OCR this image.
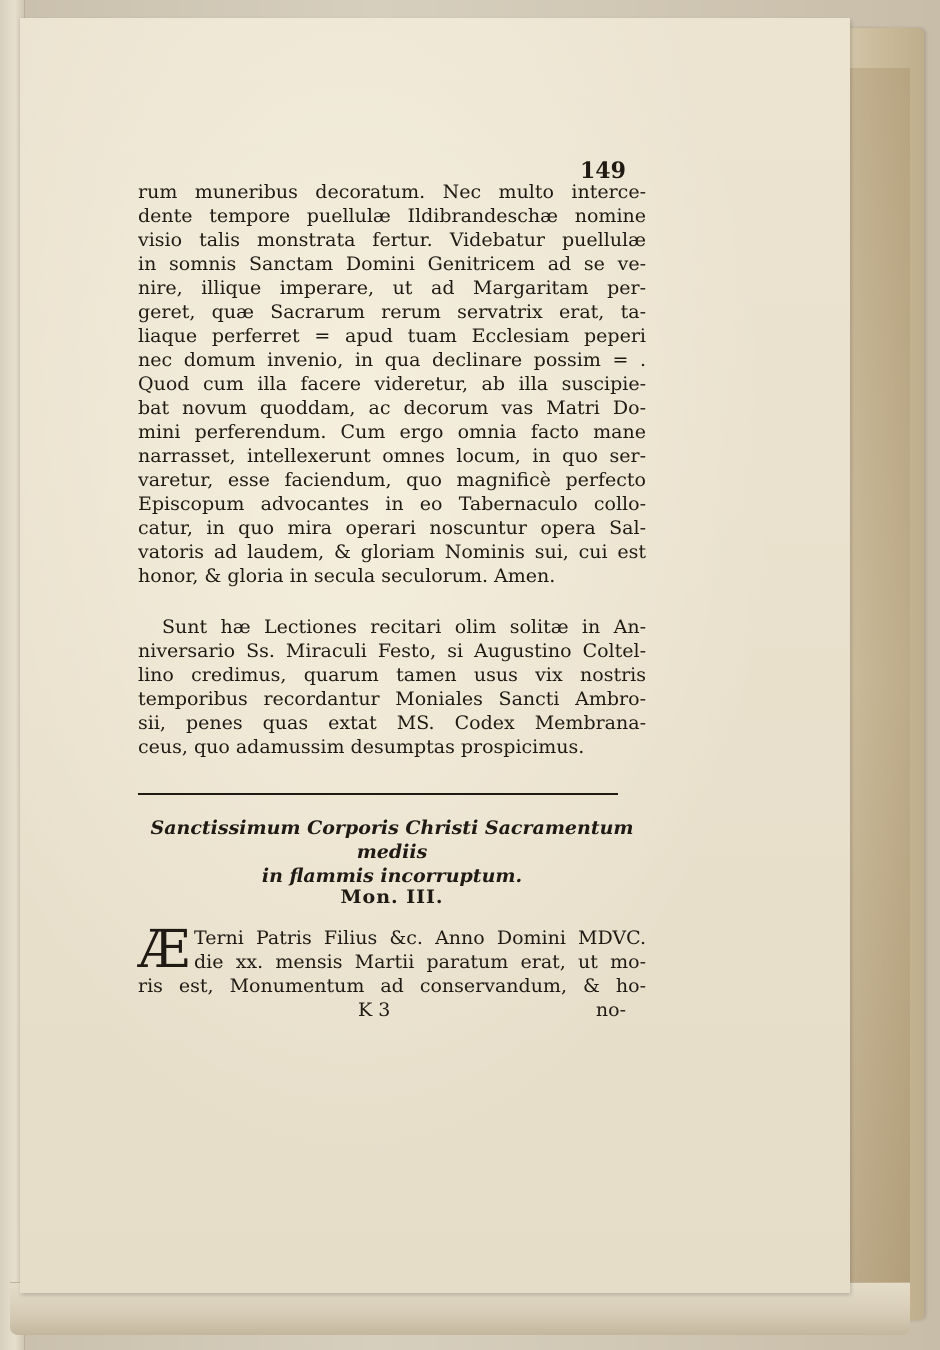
149
rum muneribus decoratum. Nec multo interce-
dente tempore puellulæ Ildibrandeschæ nomine
visio talis monstrata fertur. Videbatur puellulæ
in somnis Sanctam Domini Genitricem ad se ve-
nire, illique imperare, ut ad Margaritam per-
geret, quæ Sacrarum rerum servatrix erat, ta-
liaque perferret = apud tuam Ecclesiam peperi
nec domum invenio, in qua declinare possim = .
Quod cum illa facere videretur, ab illa suscipie-
bat novum quoddam, ac decorum vas Matri Do-
mini perferendum. Cum ergo omnia facto mane
narrasset, intellexerunt omnes locum, in quo ser-
varetur, esse faciendum, quo magnificè perfecto
Episcopum advocantes in eo Tabernaculo collo-
catur, in quo mira operari noscuntur opera Sal-
vatoris ad laudem, & gloriam Nominis sui, cui est
honor, & gloria in secula seculorum. Amen.
Sunt hæ Lectiones recitari olim solitæ in An-
niversario Ss. Miraculi Festo, si Augustino Coltel-
lino credimus, quarum tamen usus vix nostris
temporibus recordantur Moniales Sancti Ambro-
sii, penes quas extat MS. Codex Membrana-
ceus, quo adamussim desumptas prospicimus.
Sanctissimum Corporis Christi Sacramentum mediis
in flammis incorruptum.
Mon. III.
Æ Terni Patris Filius &c. Anno Domini MDVC.
die xx. mensis Martii paratum erat, ut mo-
ris est, Monumentum ad conservandum, & ho-
K 3	no-
